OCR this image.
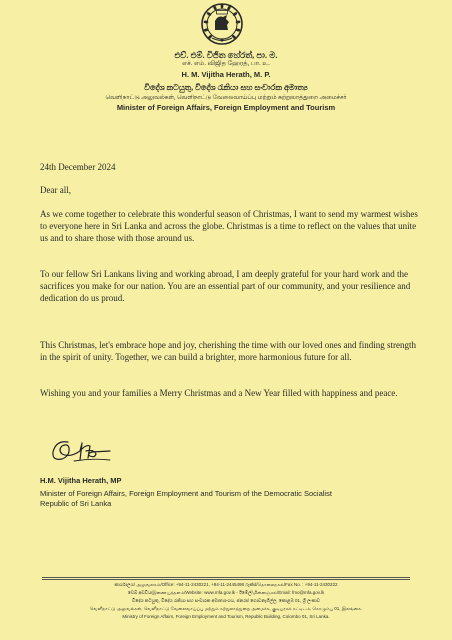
එච්. එම්. විජිත හේරත්, පා. ම.
எச். எம். விஜித ஹேரத், பா. உ.
H. M. Vijitha Herath, M. P.
විදේශ කටයුතු, විදේශ රැකියා සහ සංචාරක අමාත්‍ය
வெளிநாட்டு அலுவல்கள், வெளிநாட்டு வேலைவாய்ப்பு மற்றும் சுற்றுலாத்துறை அமைச்சர்
Minister of Foreign Affairs, Foreign Employment and Tourism
24th December 2024
Dear all,

As we come together to celebrate this wonderful season of Christmas, I want to send my warmest wishes to everyone here in Sri Lanka and across the globe. Christmas is a time to reflect on the values that unite us and to share those with those around us.

To our fellow Sri Lankans living and working abroad, I am deeply grateful for your hard work and the sacrifices you make for our nation. You are an essential part of our community, and your resilience and dedication do us proud.

This Christmas, let's embrace hope and joy, cherishing the time with our loved ones and finding strength in the spirit of unity. Together, we can build a brighter, more harmonious future for all.

Wishing you and your families a Merry Christmas and a New Year filled with happiness and peace.

H.M. Vijitha Herath, MP
Minister of Foreign Affairs, Foreign Employment and Tourism of the Democratic Socialist Republic of Sri Lanka
කාර්යාලය/ அலுவலகம்/Office: +94-11-2430221, +94-11-2445498 ෆැක්ස්/தொலைநகல்/Fax No. : +94-11-2430222
වෙබ් අඩවිය/இணையத்தளம்/Website: www.mfa.gov.lk - ඊමේල්/மின்னஞ்சல்/Email: fmo@mfa.gov.lk
විදේශ කටයුතු, විදේශ රැකියා සහ සංචාරක අමාත්‍යාංශය, ජනරජ ගොඩනැගිල්ල, කොළඹ 01, ශ්‍රී ලංකාව
வெளிநாட்டு அலுவல்கள், வெளிநாட்டு வேலைவாய்ப்பு மற்றும் சுற்றுலாத்துறை அமைச்சு, குடியரசுக் கட்டிடம், கொழும்பு 01, இலங்கை.
Ministry of Foreign Affairs, Foreign Employment and Tourism, Republic Building, Colombo 01, Sri Lanka.
